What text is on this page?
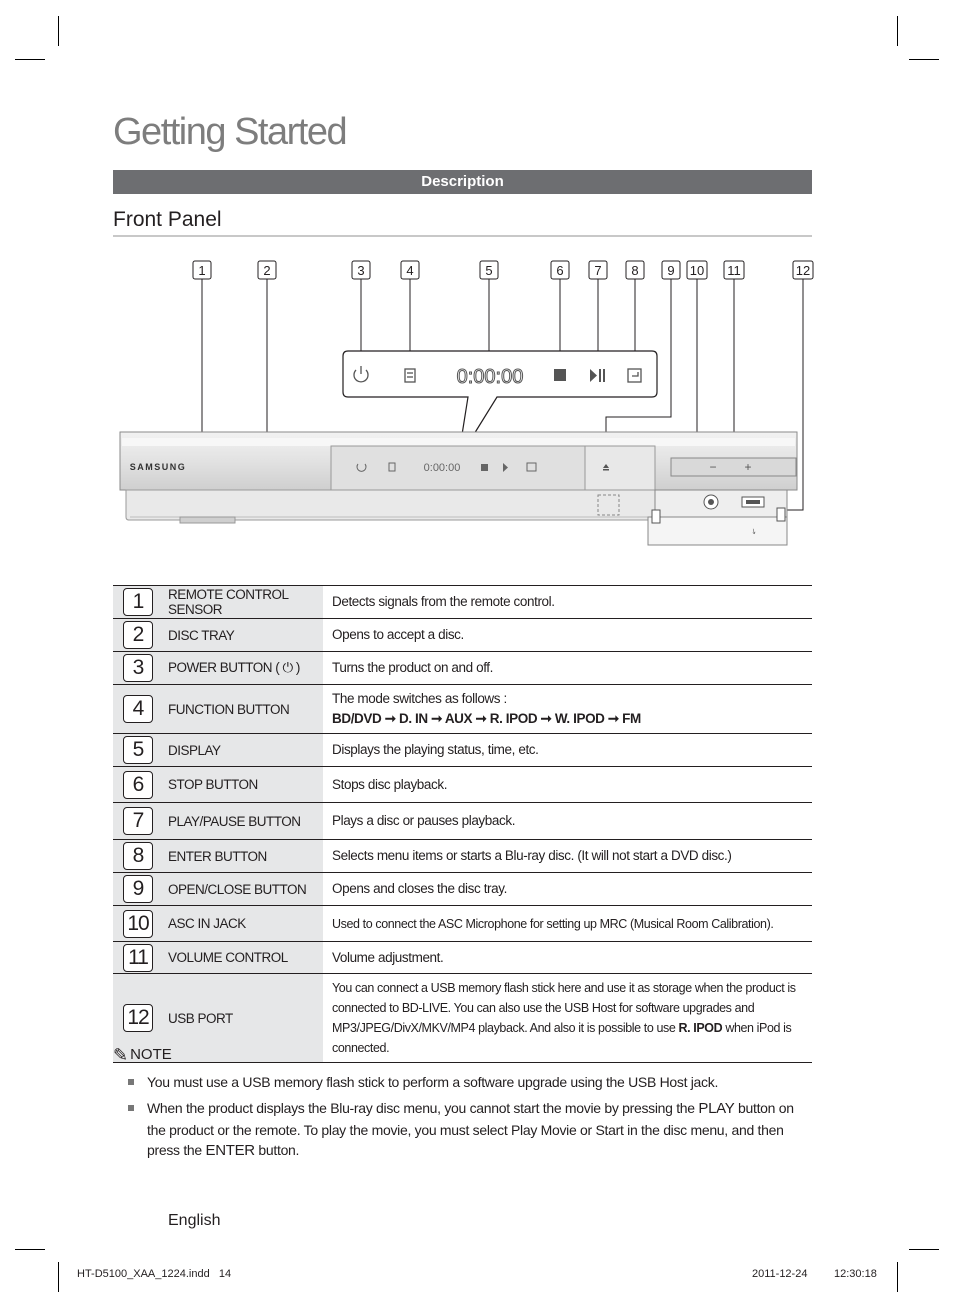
Getting Started
Description
Front Panel
1	2	3	4	5	6 7 8 9 10 11	12
0:00:00
SAMSUNG	0:00:00	− +
⭏
1	REMOTE CONTROL SENSOR	Detects signals from the remote control.
2	DISC TRAY	Opens to accept a disc.
3	POWER BUTTON ( ⏻ )	Turns the product on and off.
4	FUNCTION BUTTON	The mode switches as follows :
BD/DVD ➞ D. IN ➞ AUX ➞ R. IPOD ➞ W. IPOD ➞ FM

5	DISPLAY	Displays the playing status, time, etc.
6	STOP BUTTON	Stops disc playback.
7	PLAY/PAUSE BUTTON	Plays a disc or pauses playback.
8	ENTER BUTTON	Selects menu items or starts a Blu-ray disc. (It will not start a DVD disc.)
9	OPEN/CLOSE BUTTON	Opens and closes the disc tray.
10	ASC IN JACK	Used to connect the ASC Microphone for setting up MRC (Musical Room Calibration).
11	VOLUME CONTROL	Volume adjustment.
12	USB PORT	You can connect a USB memory flash stick here and use it as storage when the product is connected to BD-LIVE. You can also use the USB Host for software upgrades and MP3/JPEG/DivX/MKV/MP4 playback. And also it is possible to use R. IPOD when iPod is connected.
✎ NOTE
You must use a USB memory flash stick to perform a software upgrade using the USB Host jack.
When the product displays the Blu-ray disc menu, you cannot start the movie by pressing the PLAY button on the product or the remote. To play the movie, you must select Play Movie or Start in the disc menu, and then press the ENTER button.
English
HT-D5100_XAA_1224.indd   14	2011-12-24 12:30:18
